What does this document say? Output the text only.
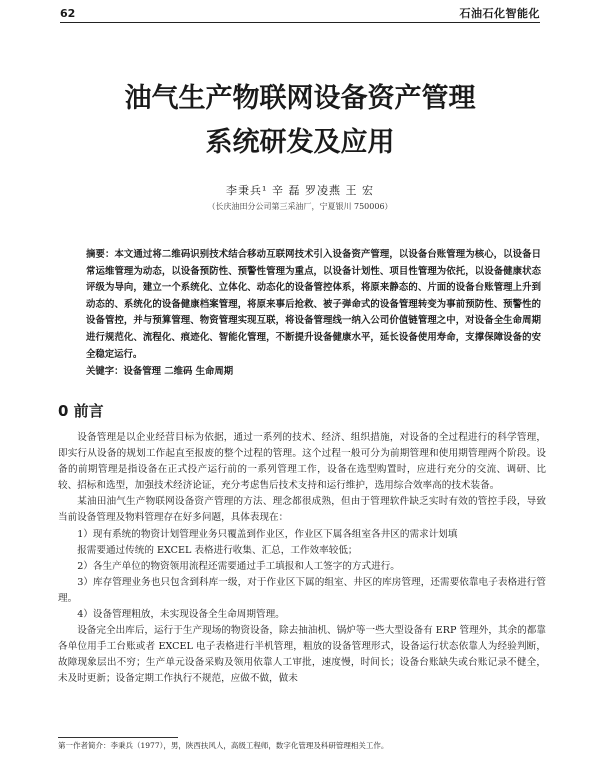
62	石油石化智能化
油气生产物联网设备资产管理
系统研发及应用
李秉兵¹ 辛 磊 罗凌燕 王 宏
（长庆油田分公司第三采油厂，宁夏银川 750006）
摘要：本文通过将二维码识别技术结合移动互联网技术引入设备资产管理，以设备台账管理为核心，以设备日常运维管理为动态，以设备预防性、预警性管理为重点，以设备计划性、项目性管理为依托，以设备健康状态评级为导向，建立一个系统化、立体化、动态化的设备管控体系，将原来静态的、片面的设备台账管理上升到动态的、系统化的设备健康档案管理，将原来事后抢救、被子弹命式的设备管理转变为事前预防性、预警性的设备管控，并与预算管理、物资管理实现互联，将设备管理线一纳入公司价值链管理之中，对设备全生命周期进行规范化、流程化、痕迹化、智能化管理，不断提升设备健康水平，延长设备使用寿命，支撑保障设备的安全稳定运行。
关键字：设备管理 二维码 生命周期
0 前言

设备管理是以企业经营目标为依据，通过一系列的技术、经济、组织措施，对设备的全过程进行的科学管理，即实行从设备的规划工作起直至报废的整个过程的管理。这个过程一般可分为前期管理和使用期管理两个阶段。设备的前期管理是指设备在正式投产运行前的一系列管理工作，设备在选型购置时，应进行充分的交流、调研、比较、招标和选型，加强技术经济论证，充分考虑售后技术支持和运行维护，选用综合效率高的技术装备。

某油田油气生产物联网设备资产管理的方法、理念都很成熟，但由于管理软件缺乏实时有效的管控手段，导致当前设备管理及物料管理存在好多问题，具体表现在：

1）现有系统的物资计划管理业务只覆盖到作业区，作业区下属各组室各井区的需求计划填

报需要通过传统的 EXCEL 表格进行收集、汇总，工作效率较低；

2）各生产单位的物资领用流程还需要通过手工填报和人工签字的方式进行。

3）库存管理业务也只包含到科库一级，对于作业区下属的组室、井区的库房管理，还需要依靠电子表格进行管理。

4）设备管理粗放，未实现设备全生命周期管理。

设备完全出库后，运行于生产现场的物资设备，除去抽油机、锅炉等一些大型设备有 ERP 管理外，其余的都靠各单位用手工台账或者 EXCEL 电子表格进行半机管理，粗放的设备管理形式，设备运行状态依靠人为经验判断，故障现象层出不穷；生产单元设备采购及领用依靠人工审批，速度慢，时间长；设备台账缺失或台账记录不健全，未及时更新；设备定期工作执行不规范，应做不做，做未

第一作者简介：李秉兵（1977），男，陕西扶风人，高级工程师，数字化管理及科研管理相关工作。
